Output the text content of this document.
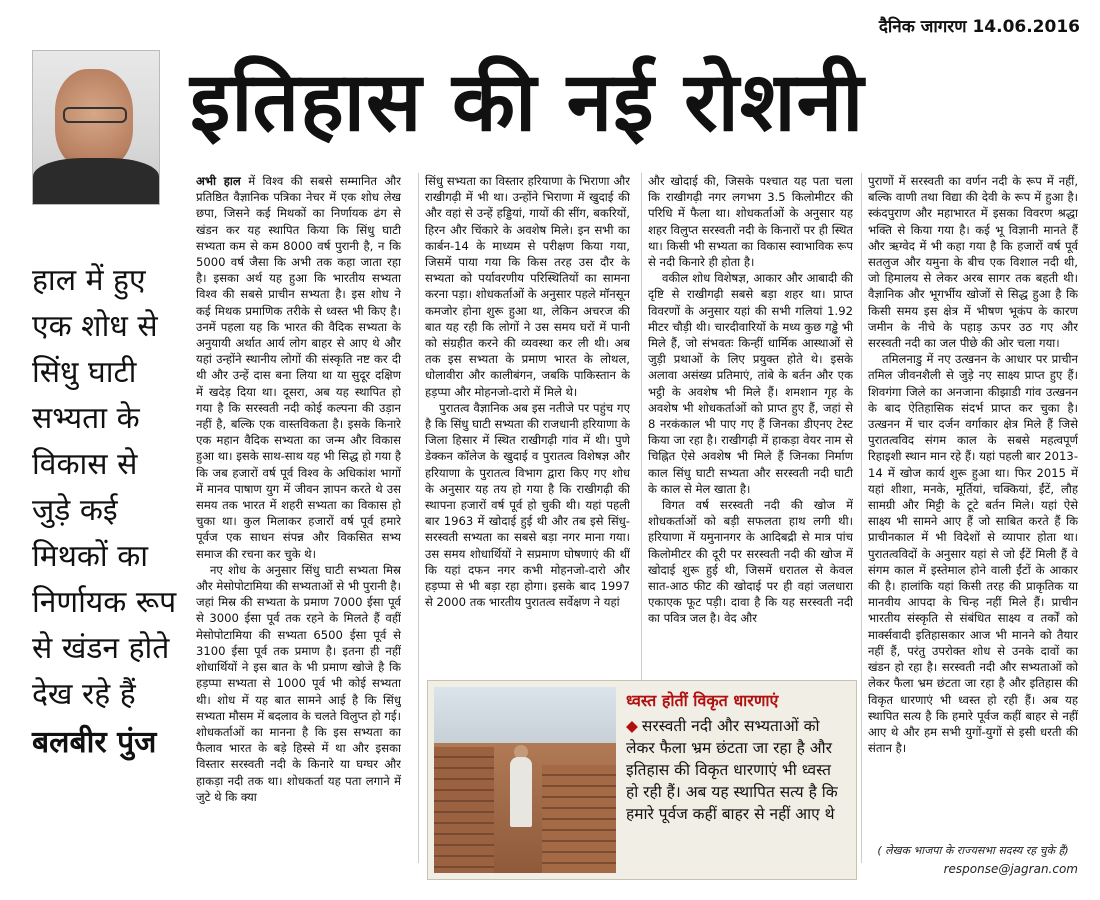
दैनिक जागरण 14.06.2016
इतिहास की नई रोशनी
हाल में हुए एक शोध से सिंधु घाटी सभ्यता के विकास से जुड़े कई मिथकों का निर्णायक रूप से खंडन होते देख रहे हैं
बलबीर पुंज

अभी हाल में विश्व की सबसे सम्मानित और प्रतिष्ठित वैज्ञानिक पत्रिका नेचर में एक शोध लेख छपा, जिसने कई मिथकों का निर्णायक ढंग से खंडन कर यह स्थापित किया कि सिंधु घाटी सभ्यता कम से कम 8000 वर्ष पुरानी है, न कि 5000 वर्ष जैसा कि अभी तक कहा जाता रहा है। इसका अर्थ यह हुआ कि भारतीय सभ्यता विश्व की सबसे प्राचीन सभ्यता है। इस शोध ने कई मिथक प्रमाणिक तरीके से ध्वस्त भी किए है। उनमें पहला यह कि भारत की वैदिक सभ्यता के अनुयायी अर्थात आर्य लोग बाहर से आए थे और यहां उन्होंने स्थानीय लोगों की संस्कृति नष्ट कर दी थी और उन्हें दास बना लिया था या सुदूर दक्षिण में खदेड़ दिया था। दूसरा, अब यह स्थापित हो गया है कि सरस्वती नदी कोई कल्पना की उड़ान नहीं है, बल्कि एक वास्तविकता है। इसके किनारे एक महान वैदिक सभ्यता का जन्म और विकास हुआ था। इसके साथ-साथ यह भी सिद्ध हो गया है कि जब हजारों वर्ष पूर्व विश्व के अधिकांश भागों में मानव पाषाण युग में जीवन ज्ञापन करते थे उस समय तक भारत में शहरी सभ्यता का विकास हो चुका था। कुल मिलाकर हजारों वर्ष पूर्व हमारे पूर्वज एक साधन संपन्न और विकसित सभ्य समाज की रचना कर चुके थे।

नए शोध के अनुसार सिंधु घाटी सभ्यता मिस्र और मेसोपोटामिया की सभ्यताओं से भी पुरानी है। जहां मिस्र की सभ्यता के प्रमाण 7000 ईसा पूर्व से 3000 ईसा पूर्व तक रहने के मिलते हैं वहीं मेसोपोटामिया की सभ्यता 6500 ईसा पूर्व से 3100 ईसा पूर्व तक प्रमाण है। इतना ही नहीं शोधार्थियों ने इस बात के भी प्रमाण खोजे है कि हड़प्पा सभ्यता से 1000 पूर्व भी कोई सभ्यता थी। शोध में यह बात सामने आई है कि सिंधु सभ्यता मौसम में बदलाव के चलते विलुप्त हो गई। शोधकर्ताओं का मानना है कि इस सभ्यता का फैलाव भारत के बड़े हिस्से में था और इसका विस्तार सरस्वती नदी के किनारे या घग्घर और हाकड़ा नदी तक था। शोधकर्ता यह पता लगाने में जुटे थे कि क्या

सिंधु सभ्यता का विस्तार हरियाणा के भिराणा और राखीगढ़ी में भी था। उन्होंने भिराणा में खुदाई की और वहां से उन्हें हड्डियां, गायों की सींग, बकरियों, हिरन और चिंकारे के अवशेष मिले। इन सभी का कार्बन-14 के माध्यम से परीक्षण किया गया, जिसमें पाया गया कि किस तरह उस दौर के सभ्यता को पर्यावरणीय परिस्थितियों का सामना करना पड़ा। शोधकर्ताओं के अनुसार पहले मॉनसून कमजोर होना शुरू हुआ था, लेकिन अचरज की बात यह रही कि लोगों ने उस समय घरों में पानी को संग्रहीत करने की व्यवस्था कर ली थी। अब तक इस सभ्यता के प्रमाण भारत के लोथल, धोलावीरा और कालीबंगन, जबकि पाकिस्तान के हड़प्पा और मोहनजो-दारो में मिले थे।

पुरातत्व वैज्ञानिक अब इस नतीजे पर पहुंच गए है कि सिंधु घाटी सभ्यता की राजधानी हरियाणा के जिला हिसार में स्थित राखीगढ़ी गांव में थी। पुणे डेक्कन कॉलेज के खुदाई व पुरातत्व विशेषज्ञ और हरियाणा के पुरातत्व विभाग द्वारा किए गए शोध के अनुसार यह तय हो गया है कि राखीगढ़ी की स्थापना हजारों वर्ष पूर्व हो चुकी थी। यहां पहली बार 1963 में खोदाई हुई थी और तब इसे सिंधु-सरस्वती सभ्यता का सबसे बड़ा नगर माना गया। उस समय शोधार्थियों ने सप्रमाण घोषणाएं की थीं कि यहां दफन नगर कभी मोहनजो-दारो और हड़प्पा से भी बड़ा रहा होगा। इसके बाद 1997 से 2000 तक भारतीय पुरातत्व सर्वेक्षण ने यहां

और खोदाई की, जिसके पश्चात यह पता चला कि राखीगढ़ी नगर लगभग 3.5 किलोमीटर की परिधि में फैला था। शोधकर्ताओं के अनुसार यह शहर विलुप्त सरस्वती नदी के किनारों पर ही स्थित था। किसी भी सभ्यता का विकास स्वाभाविक रूप से नदी किनारे ही होता है।

वकील शोध विशेषज्ञ, आकार और आबादी की दृष्टि से राखीगढ़ी सबसे बड़ा शहर था। प्राप्त विवरणों के अनुसार यहां की सभी गलियां 1.92 मीटर चौड़ी थी। चारदीवारियों के मध्य कुछ गड्ढे भी मिले हैं, जो संभवतः किन्हीं धार्मिक आस्थाओं से जुड़ी प्रथाओं के लिए प्रयुक्त होते थे। इसके अलावा असंख्य प्रतिमाएं, तांबे के बर्तन और एक भट्ठी के अवशेष भी मिले हैं। शमशान गृह के अवशेष भी शोधकर्ताओं को प्राप्त हुए हैं, जहां से 8 नरकंकाल भी पाए गए हैं जिनका डीएनए टेस्ट किया जा रहा है। राखीगढ़ी में हाकड़ा वेयर नाम से चिह्नित ऐसे अवशेष भी मिले हैं जिनका निर्माण काल सिंधु घाटी सभ्यता और सरस्वती नदी घाटी के काल से मेल खाता है।

विगत वर्ष सरस्वती नदी की खोज में शोधकर्ताओं को बड़ी सफलता हाथ लगी थी। हरियाणा में यमुनानगर के आदिबद्री से मात्र पांच किलोमीटर की दूरी पर सरस्वती नदी की खोज में खोदाई शुरू हुई थी, जिसमें धरातल से केवल सात-आठ फीट की खोदाई पर ही वहां जलधारा एकाएक फूट पड़ी। दावा है कि यह सरस्वती नदी का पवित्र जल है। वेद और

पुराणों में सरस्वती का वर्णन नदी के रूप में नहीं, बल्कि वाणी तथा विद्या की देवी के रूप में हुआ है। स्कंदपुराण और महाभारत में इसका विवरण श्रद्धा भक्ति से किया गया है। कई भू विज्ञानी मानते हैं और ऋग्वेद में भी कहा गया है कि हजारों वर्ष पूर्व सतलुज और यमुना के बीच एक विशाल नदी थी, जो हिमालय से लेकर अरब सागर तक बहती थी। वैज्ञानिक और भूगर्भीय खोजों से सिद्ध हुआ है कि किसी समय इस क्षेत्र में भीषण भूकंप के कारण जमीन के नीचे के पहाड़ ऊपर उठ गए और सरस्वती नदी का जल पीछे की ओर चला गया।

तमिलनाडु में नए उत्खनन के आधार पर प्राचीन तमिल जीवनशैली से जुड़े नए साक्ष्य प्राप्त हुए हैं। शिवगंगा जिले का अनजाना कीझाडी गांव उत्खनन के बाद ऐतिहासिक संदर्भ प्राप्त कर चुका है। उत्खनन में चार दर्जन वर्गाकार क्षेत्र मिले हैं जिसे पुरातत्वविद संगम काल के सबसे महत्वपूर्ण रिहाइशी स्थान मान रहे हैं। यहां पहली बार 2013-14 में खोज कार्य शुरू हुआ था। फिर 2015 में यहां शीशा, मनके, मूर्तियां, चक्कियां, ईंटें, लौह सामग्री और मिट्टी के टूटे बर्तन मिले। यहां ऐसे साक्ष्य भी सामने आए हैं जो साबित करते हैं कि प्राचीनकाल में भी विदेशों से व्यापार होता था। पुरातत्वविदों के अनुसार यहां से जो ईंटें मिली हैं वे संगम काल में इस्तेमाल होने वाली ईंटों के आकार की है। हालांकि यहां किसी तरह की प्राकृतिक या मानवीय आपदा के चिन्ह नहीं मिले हैं। प्राचीन भारतीय संस्कृति से संबंधित साक्ष्य व तर्कों को मार्क्सवादी इतिहासकार आज भी मानने को तैयार नहीं हैं, परंतु उपरोक्त शोध से उनके दावों का खंडन हो रहा है। सरस्वती नदी और सभ्यताओं को लेकर फैला भ्रम छंटता जा रहा है और इतिहास की विकृत धारणाएं भी ध्वस्त हो रही हैं। अब यह स्थापित सत्य है कि हमारे पूर्वज कहीं बाहर से नहीं आए थे और हम सभी युगों-युगों से इसी धरती की संतान है।

ध्वस्त होतीं विकृत धारणाएं
◆ सरस्वती नदी और सभ्यताओं को लेकर फैला भ्रम छंटता जा रहा है और इतिहास की विकृत धारणाएं भी ध्वस्त हो रही हैं। अब यह स्थापित सत्य है कि हमारे पूर्वज कहीं बाहर से नहीं आए थे
( लेखक भाजपा के राज्यसभा सदस्य रह चुके हैं)
response@jagran.com
